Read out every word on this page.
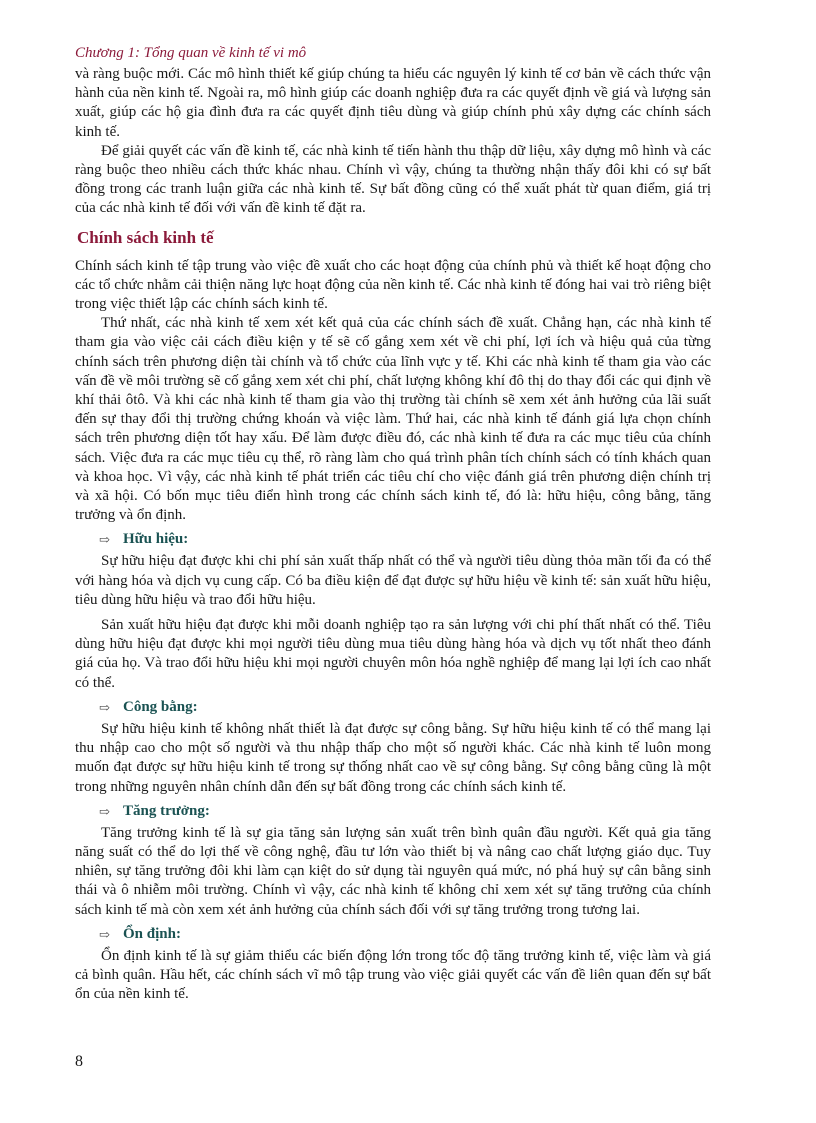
Chương 1: Tổng quan về kinh tế vi mô

và ràng buộc mới. Các mô hình thiết kế giúp chúng ta hiểu các nguyên lý kinh tế cơ bản về cách thức vận hành của nền kinh tế. Ngoài ra, mô hình giúp các doanh nghiệp đưa ra các quyết định về giá và lượng sản xuất, giúp các hộ gia đình đưa ra các quyết định tiêu dùng và giúp chính phủ xây dựng các chính sách kinh tế.

Để giải quyết các vấn đề kinh tế, các nhà kinh tế tiến hành thu thập dữ liệu, xây dựng mô hình và các ràng buộc theo nhiều cách thức khác nhau. Chính vì vậy, chúng ta thường nhận thấy đôi khi có sự bất đồng trong các tranh luận giữa các nhà kinh tế. Sự bất đồng cũng có thể xuất phát từ quan điểm, giá trị của các nhà kinh tế đối với vấn đề kinh tế đặt ra.

Chính sách kinh tế

Chính sách kinh tế tập trung vào việc đề xuất cho các hoạt động của chính phủ và thiết kế hoạt động cho các tổ chức nhằm cải thiện năng lực hoạt động của nền kinh tế. Các nhà kinh tế đóng hai vai trò riêng biệt trong việc thiết lập các chính sách kinh tế.

Thứ nhất, các nhà kinh tế xem xét kết quả của các chính sách đề xuất. Chẳng hạn, các nhà kinh tế tham gia vào việc cải cách điều kiện y tế sẽ cố gắng xem xét về chi phí, lợi ích và hiệu quả của từng chính sách trên phương diện tài chính và tổ chức của lĩnh vực y tế. Khi các nhà kinh tế tham gia vào các vấn đề về môi trường sẽ cố gắng xem xét chi phí, chất lượng không khí đô thị do thay đổi các qui định về khí thải ôtô. Và khi các nhà kinh tế tham gia vào thị trường tài chính sẽ xem xét ảnh hưởng của lãi suất đến sự thay đổi thị trường chứng khoán và việc làm. Thứ hai, các nhà kinh tế đánh giá lựa chọn chính sách trên phương diện tốt hay xấu. Để làm được điều đó, các nhà kinh tế đưa ra các mục tiêu của chính sách. Việc đưa ra các mục tiêu cụ thể, rõ ràng làm cho quá trình phân tích chính sách có tính khách quan và khoa học. Vì vậy, các nhà kinh tế phát triển các tiêu chí cho việc đánh giá trên phương diện chính trị và xã hội. Có bốn mục tiêu điển hình trong các chính sách kinh tế, đó là: hữu hiệu, công bằng, tăng trưởng và ổn định.

⇨ Hữu hiệu:

Sự hữu hiệu đạt được khi chi phí sản xuất thấp nhất có thể và người tiêu dùng thỏa mãn tối đa có thể với hàng hóa và dịch vụ cung cấp. Có ba điều kiện để đạt được sự hữu hiệu về kinh tế: sản xuất hữu hiệu, tiêu dùng hữu hiệu và trao đổi hữu hiệu.

Sản xuất hữu hiệu đạt được khi mỗi doanh nghiệp tạo ra sản lượng với chi phí thất nhất có thể. Tiêu dùng hữu hiệu đạt được khi mọi người tiêu dùng mua tiêu dùng hàng hóa và dịch vụ tốt nhất theo đánh giá của họ. Và trao đổi hữu hiệu khi mọi người chuyên môn hóa nghề nghiệp để mang lại lợi ích cao nhất có thể.

⇨ Công bằng:

Sự hữu hiệu kinh tế không nhất thiết là đạt được sự công bằng. Sự hữu hiệu kinh tế có thể mang lại thu nhập cao cho một số người và thu nhập thấp cho một số người khác. Các nhà kinh tế luôn mong muốn đạt được sự hữu hiệu kinh tế trong sự thống nhất cao về sự công bằng. Sự công bằng cũng là một trong những nguyên nhân chính dẫn đến sự bất đồng trong các chính sách kinh tế.

⇨ Tăng trưởng:

Tăng trưởng kinh tế là sự gia tăng sản lượng sản xuất trên bình quân đầu người. Kết quả gia tăng năng suất có thể do lợi thế về công nghệ, đầu tư lớn vào thiết bị và nâng cao chất lượng giáo dục. Tuy nhiên, sự tăng trưởng đôi khi làm cạn kiệt do sử dụng tài nguyên quá mức, nó phá huỷ sự cân bằng sinh thái và ô nhiễm môi trường. Chính vì vậy, các nhà kinh tế không chỉ xem xét sự tăng trưởng của chính sách kinh tế mà còn xem xét ảnh hưởng của chính sách đối với sự tăng trưởng trong tương lai.

⇨ Ổn định:

Ổn định kinh tế là sự giảm thiểu các biến động lớn trong tốc độ tăng trưởng kinh tế, việc làm và giá cả bình quân. Hầu hết, các chính sách vĩ mô tập trung vào việc giải quyết các vấn đề liên quan đến sự bất ổn của nền kinh tế.

8
